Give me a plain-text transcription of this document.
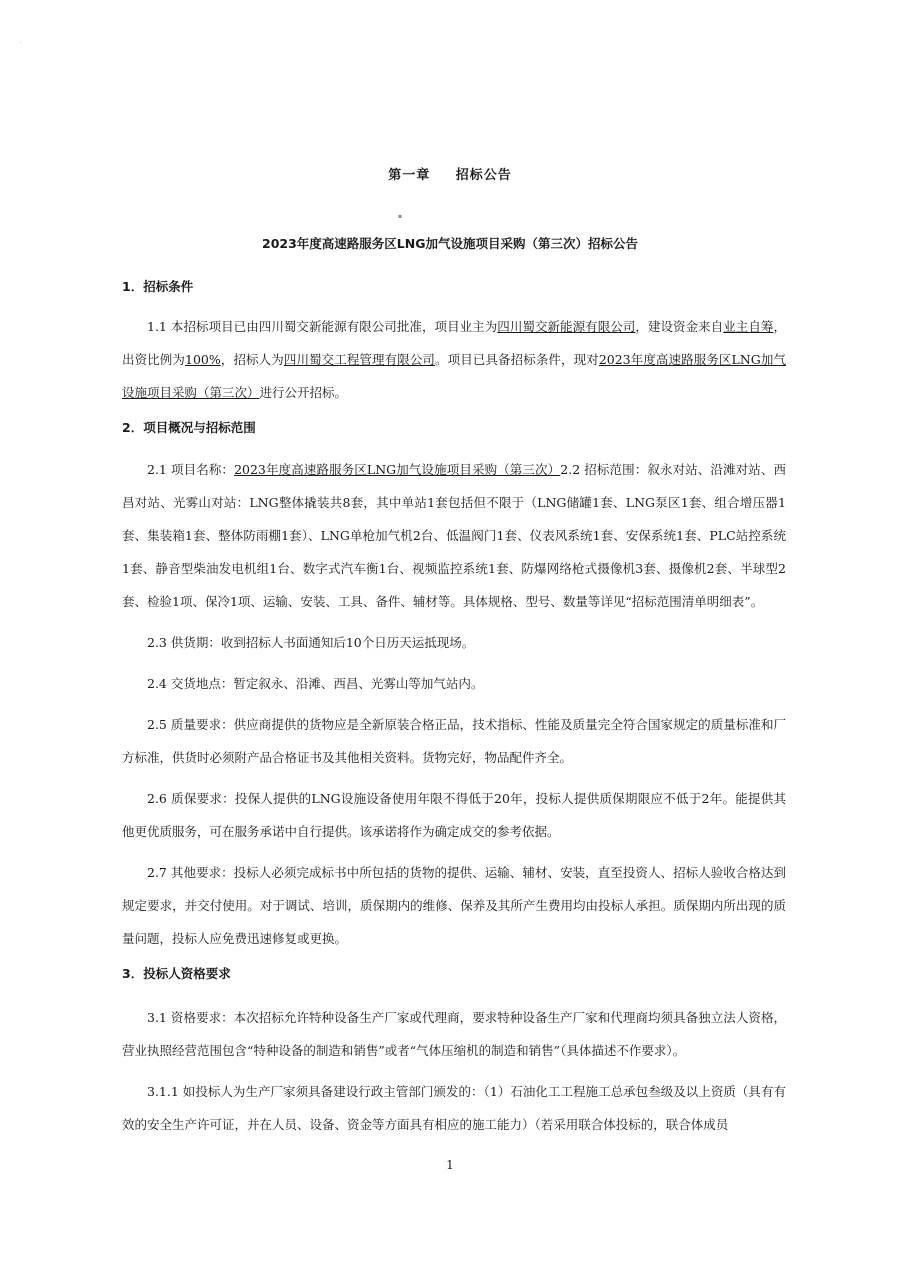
.
第一章 招标公告
▪
2023年度高速路服务区LNG加气设施项目采购（第三次）招标公告
1．招标条件

1.1 本招标项目已由四川蜀交新能源有限公司批准，项目业主为四川蜀交新能源有限公司，建设资金来自业主自筹，出资比例为100%，招标人为四川蜀交工程管理有限公司。项目已具备招标条件，现对2023年度高速路服务区LNG加气设施项目采购（第三次）进行公开招标。

2．项目概况与招标范围

2.1 项目名称：2023年度高速路服务区LNG加气设施项目采购（第三次）2.2 招标范围：叙永对站、沿滩对站、西昌对站、光雾山对站：LNG整体撬装共8套，其中单站1套包括但不限于（LNG储罐1套、LNG泵区1套、组合增压器1套、集装箱1套、整体防雨棚1套）、LNG单枪加气机2台、低温阀门1套、仪表风系统1套、安保系统1套、PLC站控系统1套、静音型柴油发电机组1台、数字式汽车衡1台、视频监控系统1套、防爆网络枪式摄像机3套、摄像机2套、半球型2套、检验1项、保冷1项、运输、安装、工具、备件、辅材等。具体规格、型号、数量等详见“招标范围清单明细表”。

2.3 供货期：收到招标人书面通知后10个日历天运抵现场。

2.4 交货地点：暂定叙永、沿滩、西昌、光雾山等加气站内。

2.5 质量要求：供应商提供的货物应是全新原装合格正品，技术指标、性能及质量完全符合国家规定的质量标准和厂方标准，供货时必须附产品合格证书及其他相关资料。货物完好，物品配件齐全。

2.6 质保要求：投保人提供的LNG设施设备使用年限不得低于20年，投标人提供质保期限应不低于2年。能提供其他更优质服务，可在服务承诺中自行提供。该承诺将作为确定成交的参考依据。

2.7 其他要求：投标人必须完成标书中所包括的货物的提供、运输、辅材、安装，直至投资人、招标人验收合格达到规定要求，并交付使用。对于调试、培训，质保期内的维修、保养及其所产生费用均由投标人承担。质保期内所出现的质量问题，投标人应免费迅速修复或更换。

3．投标人资格要求

3.1 资格要求：本次招标允许特种设备生产厂家或代理商，要求特种设备生产厂家和代理商均须具备独立法人资格，营业执照经营范围包含“特种设备的制造和销售”或者“气体压缩机的制造和销售”（具体描述不作要求）。

3.1.1 如投标人为生产厂家须具备建设行政主管部门颁发的：（1）石油化工工程施工总承包叁级及以上资质（具有有效的安全生产许可证，并在人员、设备、资金等方面具有相应的施工能力）（若采用联合体投标的，联合体成员

1
